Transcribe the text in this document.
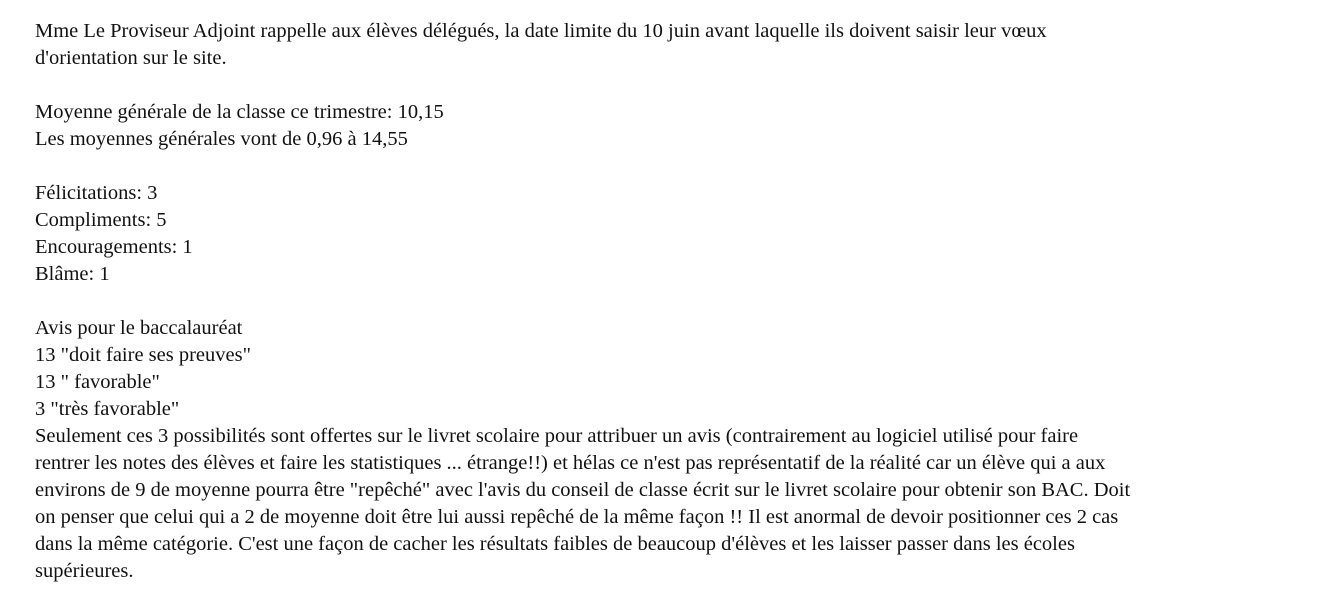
Mme Le Proviseur Adjoint rappelle aux élèves délégués, la date limite du 10 juin avant laquelle ils doivent saisir leur vœux
d'orientation sur le site.

Moyenne générale de la classe ce trimestre: 10,15
Les moyennes générales vont de 0,96 à 14,55

Félicitations: 3
Compliments: 5
Encouragements: 1
Blâme: 1

Avis pour le baccalauréat
13 "doit faire ses preuves"
13 " favorable"
3 "très favorable"
Seulement ces 3 possibilités sont offertes sur le livret scolaire pour attribuer un avis (contrairement au logiciel utilisé pour faire
rentrer les notes des élèves et faire les statistiques ... étrange!!) et hélas ce n'est pas représentatif de la réalité car un élève qui a aux
environs de 9 de moyenne pourra être "repêché" avec l'avis du conseil de classe écrit sur le livret scolaire pour obtenir son BAC. Doit
on penser que celui qui a 2 de moyenne doit être lui aussi repêché de la même façon !! Il est anormal de devoir positionner ces 2 cas
dans la même catégorie. C'est une façon de cacher les résultats faibles de beaucoup d'élèves et les laisser passer dans les écoles
supérieures.
